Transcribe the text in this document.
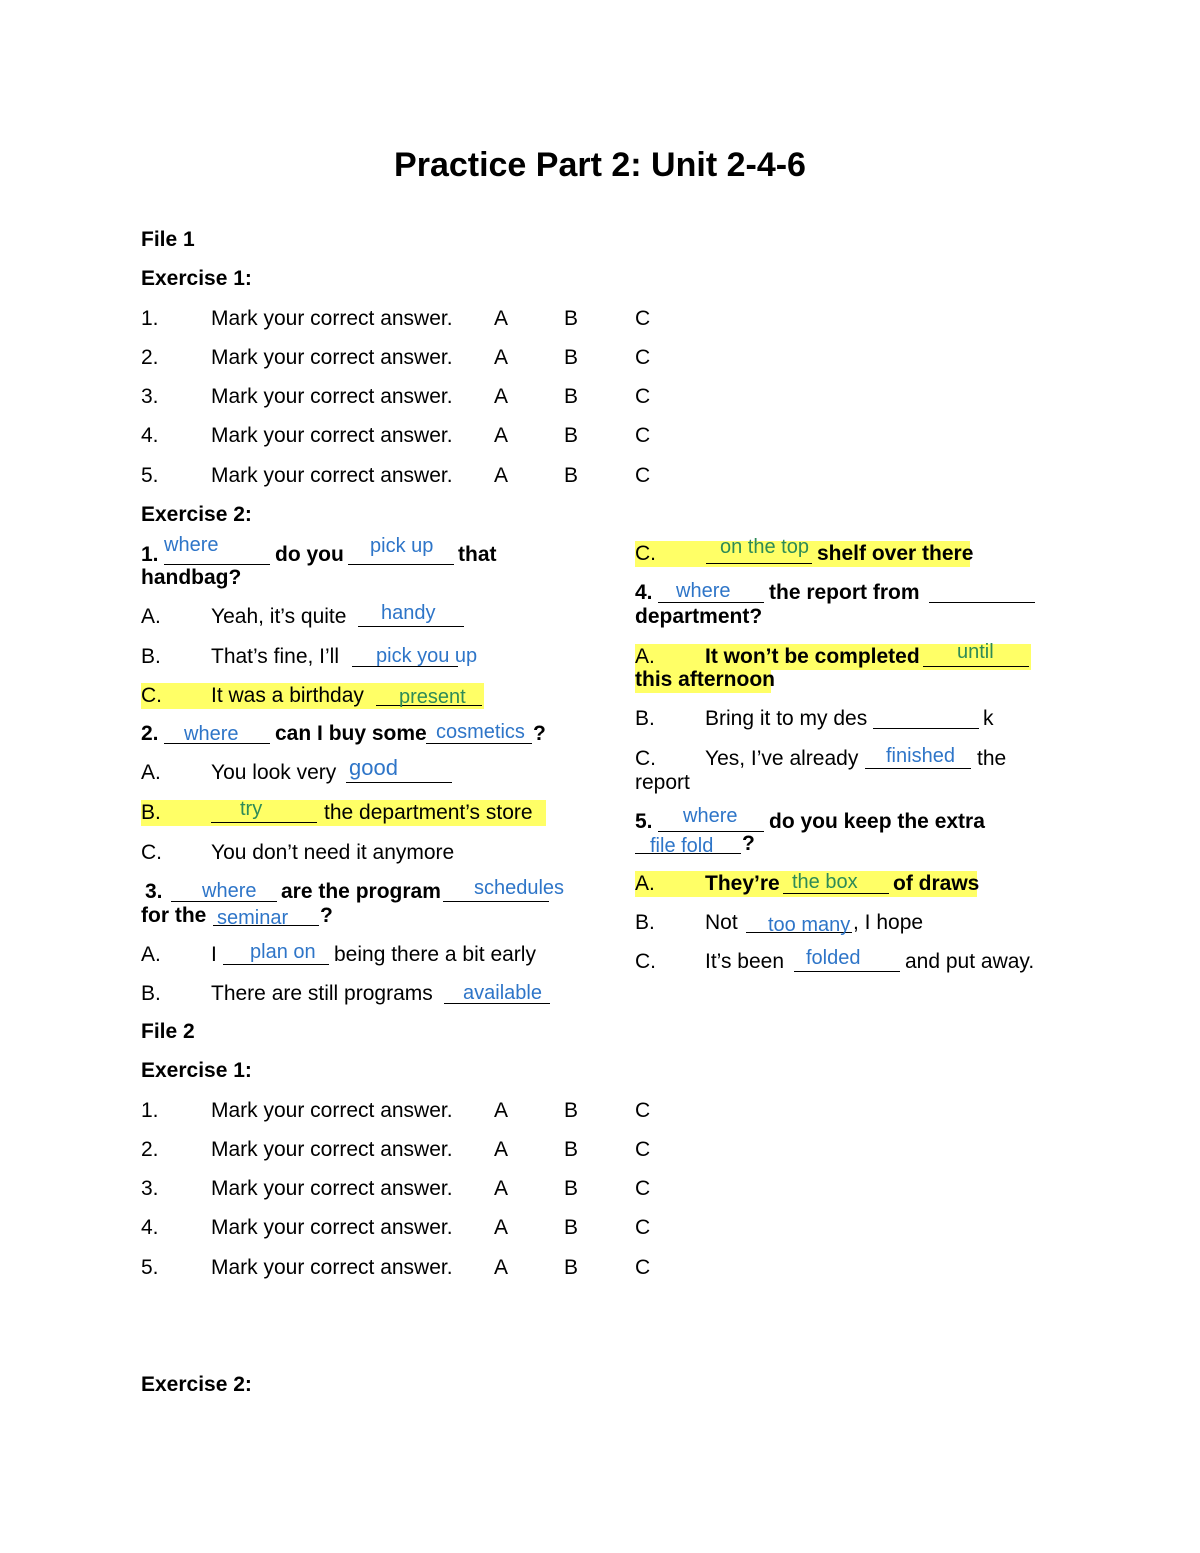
Practice Part 2: Unit 2-4-6
File 1
Exercise 1:
1. Mark your correct answer. A	B	C
2. Mark your correct answer. A	B	C
3. Mark your correct answer. A	B	C
4. Mark your correct answer. A	B	C
5. Mark your correct answer. A	B	C
Exercise 2:
1. where	do you pick up that
handbag?
A. Yeah, it’s quite handy
B. That’s fine, I’ll pick you up
C. It was a birthday present
2. where can I buy some cosmetics ?
A. You look very good
B.	try	the department’s store
C. You don’t need it anymore
3. where are the program schedules
for the seminar ?
A. I plan on being there a bit early
B. There are still programs available
C.	on the top shelf over there
4. where the report from
department?
A. It won’t be completed until
this afternoon
B. Bring it to my des	k
C. Yes, I’ve already finished the
report
5. where do you keep the extra
file fold ?
A. They’re the box of draws
B. Not too many , I hope
C. It’s been folded and put away.
File 2
Exercise 1:
1. Mark your correct answer. A	B	C
2. Mark your correct answer. A	B	C
3. Mark your correct answer. A	B	C
4. Mark your correct answer. A	B	C
5. Mark your correct answer. A	B	C
Exercise 2:
